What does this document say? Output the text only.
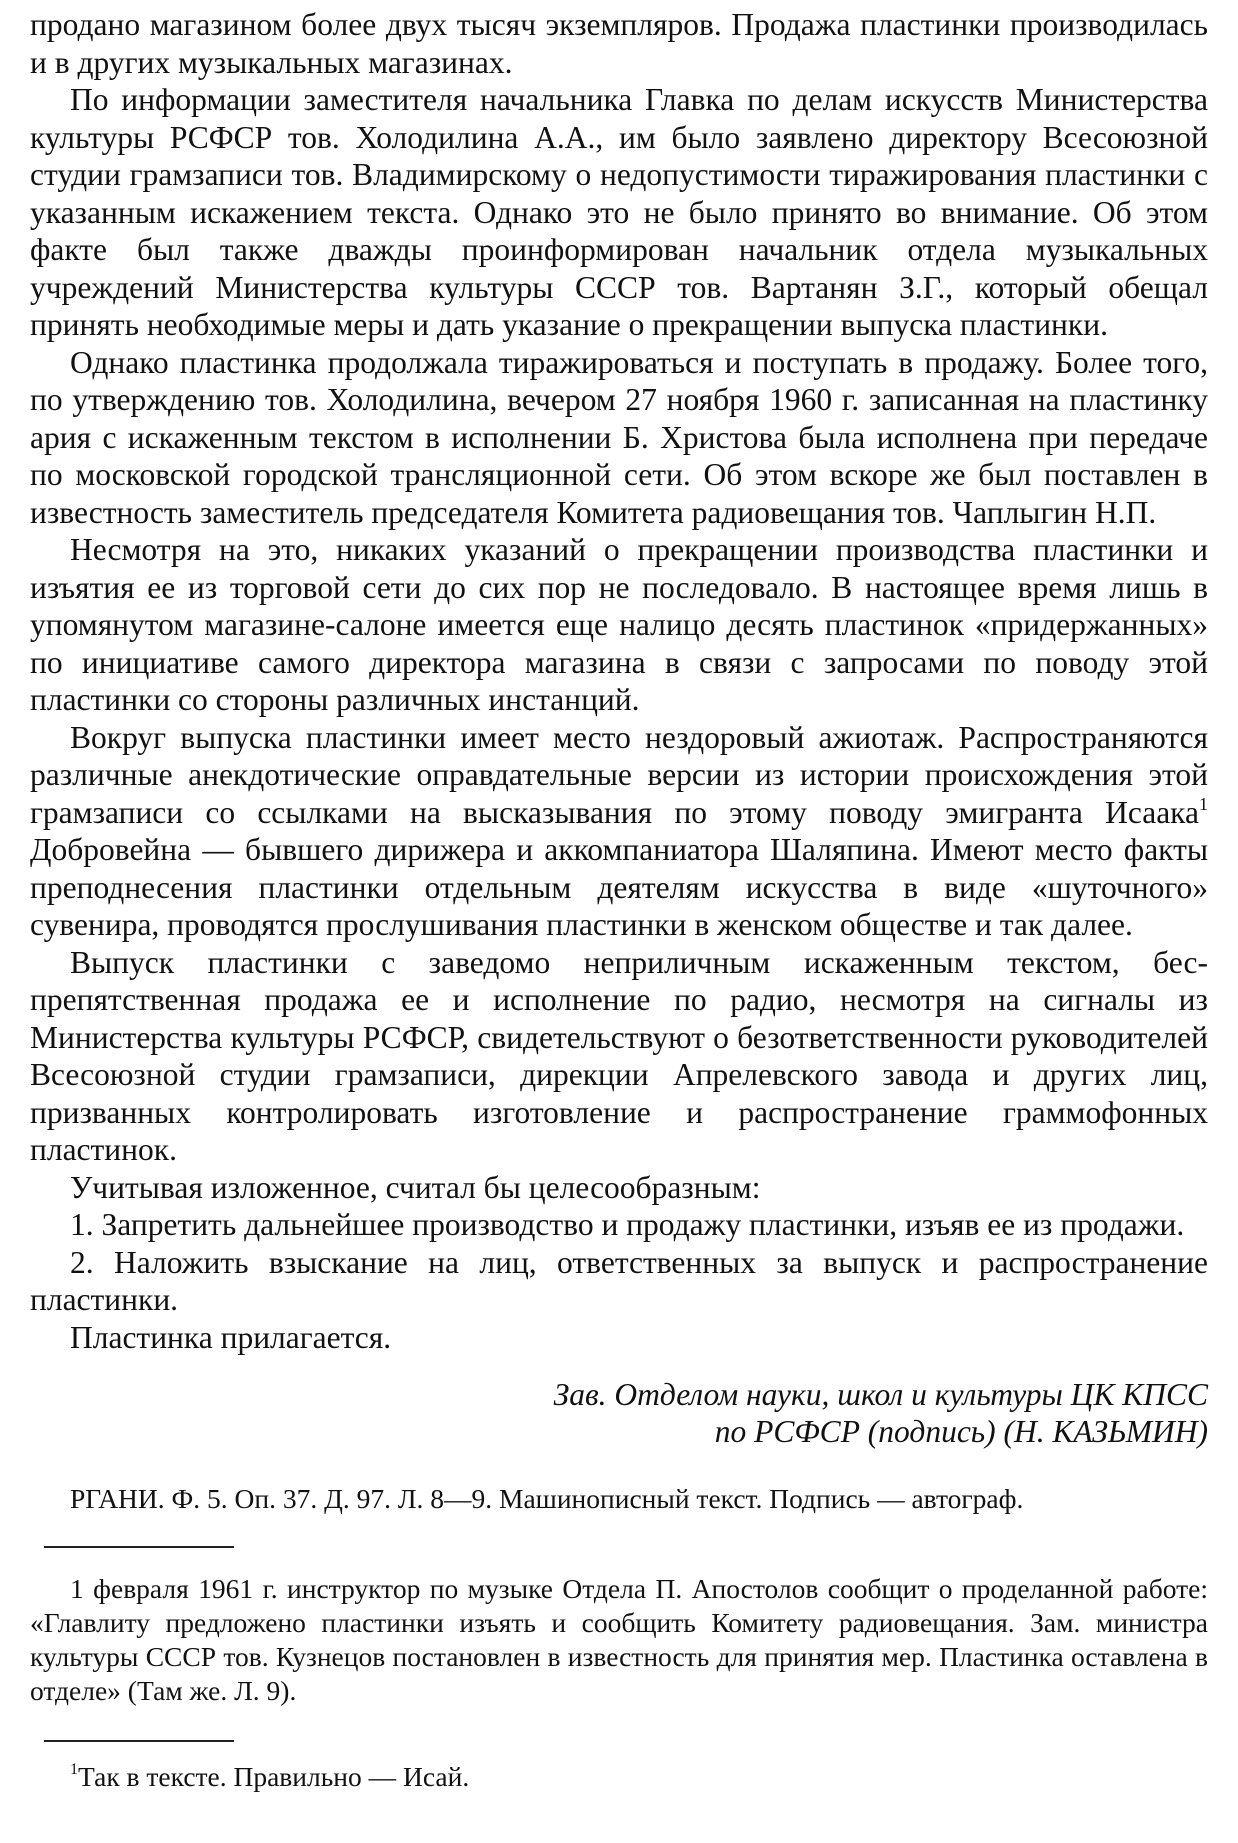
продано магазином более двух тысяч экземпляров. Продажа пластинки производилась и в других музыкальных магазинах.

По информации заместителя начальника Главка по делам искусств Министерства культуры РСФСР тов. Холодилина А.А., им было заявлено директору Всесоюзной студии грамзаписи тов. Владимирскому о недопустимости тиражирования пластинки с указанным искажением текста. Однако это не было принято во внимание. Об этом факте был также дважды проинформирован начальник отдела музыкальных учреждений Министерства культуры СССР тов. Вартанян З.Г., который обещал принять необходимые меры и дать указание о прекращении выпуска пластинки.

Однако пластинка продолжала тиражироваться и поступать в продажу. Более того, по утверждению тов. Холодилина, вечером 27 ноября 1960 г. записанная на пластинку ария с искаженным текстом в исполнении Б. Христова была исполнена при передаче по московской городской трансляционной сети. Об этом вскоре же был поставлен в известность заместитель председателя Комитета радиовещания тов. Чаплыгин Н.П.

Несмотря на это, никаких указаний о прекращении производства пластинки и изъятия ее из торговой сети до сих пор не последовало. В настоящее время лишь в упомянутом магазине-салоне имеется еще налицо десять пластинок «придержанных» по инициативе самого директора магазина в связи с запросами по поводу этой пластинки со стороны различных инстанций.

Вокруг выпуска пластинки имеет место нездоровый ажиотаж. Распространяются различные анекдотические оправдательные версии из истории происхождения этой грамзаписи со ссылками на высказывания по этому поводу эмигранта Исаака$^1$ Добровейна — бывшего дирижера и аккомпаниатора Шаляпина. Имеют место факты преподнесения пластинки отдельным деятелям искусства в виде «шуточного» сувенира, проводятся прослушивания пластинки в женском обществе и так далее.

Выпуск пластинки с заведомо неприличным искаженным текстом, беспрепятственная продажа ее и исполнение по радио, несмотря на сигналы из Министерства культуры РСФСР, свидетельствуют о безответственности руководителей Всесоюзной студии грамзаписи, дирекции Апрелевского завода и других лиц, призванных контролировать изготовление и распространение граммофонных пластинок.

Учитывая изложенное, считал бы целесообразным:

1. Запретить дальнейшее производство и продажу пластинки, изъяв ее из продажи.

2. Наложить взыскание на лиц, ответственных за выпуск и распространение пластинки.

Пластинка прилагается.

Зав. Отделом науки, школ и культуры ЦК КПСС
по РСФСР (подпись) (Н. КАЗЬМИН)
РГАНИ. Ф. 5. Оп. 37. Д. 97. Л. 8—9. Машинописный текст. Подпись — автограф.
1 февраля 1961 г. инструктор по музыке Отдела П. Апостолов сообщит о проделанной работе: «Главлиту предложено пластинки изъять и сообщить Комитету радиовещания. Зам. министра культуры СССР тов. Кузнецов постановлен в известность для принятия мер. Пластинка оставлена в отделе» (Там же. Л. 9).
$^1$Так в тексте. Правильно — Исай.
